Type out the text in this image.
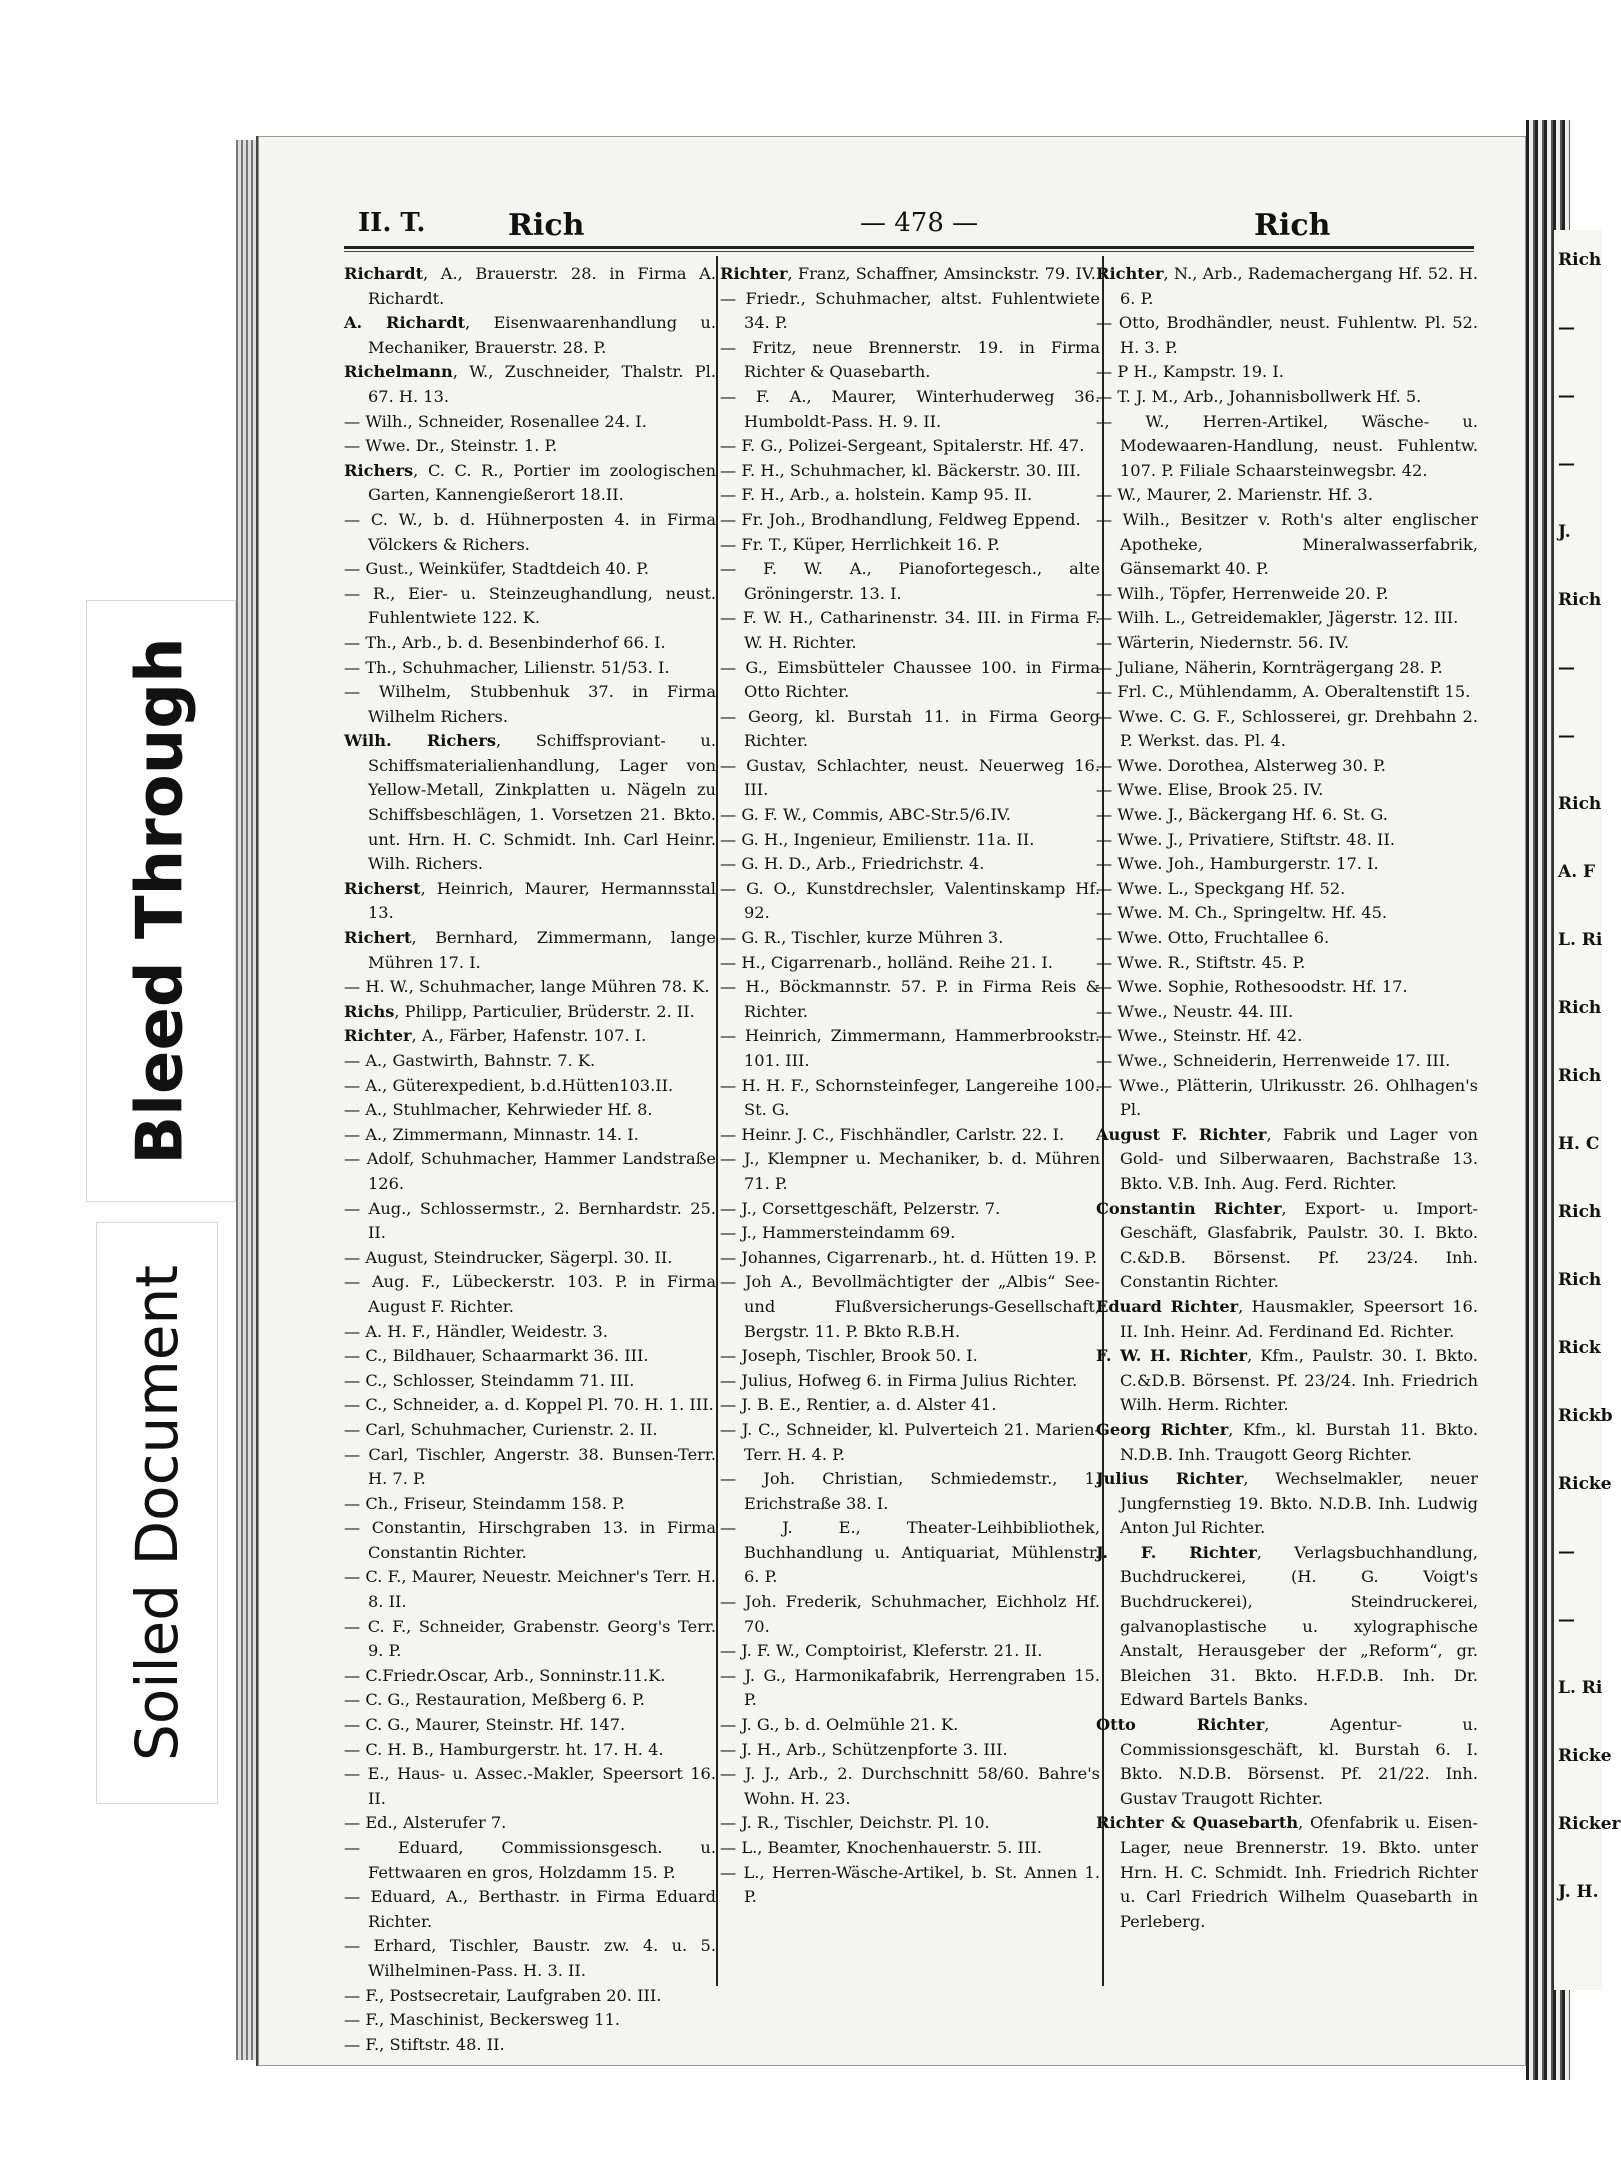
Rich
—
—
—
J.
Rich
—
—
Rich
A. F
L. Ri
Rich
Rich
H. C
Rich
Rich
Rick
Rickb
Ricke
—
—
L. Ri
Ricke
Ricker
J. H.
Bleed Through
Soiled Document
II. T.	Rich	— 478 —	Rich

Richardt, A., Brauerstr. 28. in Firma A. Richardt.

A. Richardt, Eisenwaarenhandlung u. Mechaniker, Brauerstr. 28. P.

Richelmann, W., Zuschneider, Thalstr. Pl. 67. H. 13.

— Wilh., Schneider, Rosenallee 24. I.

— Wwe. Dr., Steinstr. 1. P.

Richers, C. C. R., Portier im zoologischen Garten, Kannengießerort 18.II.

— C. W., b. d. Hühnerposten 4. in Firma Völckers & Richers.

— Gust., Weinküfer, Stadtdeich 40. P.

— R., Eier- u. Steinzeughandlung, neust. Fuhlentwiete 122. K.

— Th., Arb., b. d. Besenbinderhof 66. I.

— Th., Schuhmacher, Lilienstr. 51/53. I.

— Wilhelm, Stubbenhuk 37. in Firma Wilhelm Richers.

Wilh. Richers, Schiffsproviant- u. Schiffsmaterialienhandlung, Lager von Yellow-Metall, Zinkplatten u. Nägeln zu Schiffsbeschlägen, 1. Vorsetzen 21. Bkto. unt. Hrn. H. C. Schmidt. Inh. Carl Heinr. Wilh. Richers.

Richerst, Heinrich, Maurer, Hermannsstal 13.

Richert, Bernhard, Zimmermann, lange Mühren 17. I.

— H. W., Schuhmacher, lange Mühren 78. K.

Richs, Philipp, Particulier, Brüderstr. 2. II.

Richter, A., Färber, Hafenstr. 107. I.

— A., Gastwirth, Bahnstr. 7. K.

— A., Güterexpedient, b.d.Hütten103.II.

— A., Stuhlmacher, Kehrwieder Hf. 8.

— A., Zimmermann, Minnastr. 14. I.

— Adolf, Schuhmacher, Hammer Landstraße 126.

— Aug., Schlossermstr., 2. Bernhardstr. 25. II.

— August, Steindrucker, Sägerpl. 30. II.

— Aug. F., Lübeckerstr. 103. P. in Firma August F. Richter.

— A. H. F., Händler, Weidestr. 3.

— C., Bildhauer, Schaarmarkt 36. III.

— C., Schlosser, Steindamm 71. III.

— C., Schneider, a. d. Koppel Pl. 70. H. 1. III.

— Carl, Schuhmacher, Curienstr. 2. II.

— Carl, Tischler, Angerstr. 38. Bunsen-Terr. H. 7. P.

— Ch., Friseur, Steindamm 158. P.

— Constantin, Hirschgraben 13. in Firma Constantin Richter.

— C. F., Maurer, Neuestr. Meichner's Terr. H. 8. II.

— C. F., Schneider, Grabenstr. Georg's Terr. 9. P.

— C.Friedr.Oscar, Arb., Sonninstr.11.K.

— C. G., Restauration, Meßberg 6. P.

— C. G., Maurer, Steinstr. Hf. 147.

— C. H. B., Hamburgerstr. ht. 17. H. 4.

— E., Haus- u. Assec.-Makler, Speersort 16. II.

— Ed., Alsterufer 7.

— Eduard, Commissionsgesch. u. Fettwaaren en gros, Holzdamm 15. P.

— Eduard, A., Berthastr. in Firma Eduard Richter.

— Erhard, Tischler, Baustr. zw. 4. u. 5. Wilhelminen-Pass. H. 3. II.

— F., Postsecretair, Laufgraben 20. III.

— F., Maschinist, Beckersweg 11.

— F., Stiftstr. 48. II.

Richter, Franz, Schaffner, Amsinckstr. 79. IV.

— Friedr., Schuhmacher, altst. Fuhlentwiete 34. P.

— Fritz, neue Brennerstr. 19. in Firma Richter & Quasebarth.

— F. A., Maurer, Winterhuderweg 36. Humboldt-Pass. H. 9. II.

— F. G., Polizei-Sergeant, Spitalerstr. Hf. 47.

— F. H., Schuhmacher, kl. Bäckerstr. 30. III.

— F. H., Arb., a. holstein. Kamp 95. II.

— Fr. Joh., Brodhandlung, Feldweg Eppend.

— Fr. T., Küper, Herrlichkeit 16. P.

— F. W. A., Pianofortegesch., alte Gröningerstr. 13. I.

— F. W. H., Catharinenstr. 34. III. in Firma F. W. H. Richter.

— G., Eimsbütteler Chaussee 100. in Firma Otto Richter.

— Georg, kl. Burstah 11. in Firma Georg Richter.

— Gustav, Schlachter, neust. Neuerweg 16. III.

— G. F. W., Commis, ABC-Str.5/6.IV.

— G. H., Ingenieur, Emilienstr. 11a. II.

— G. H. D., Arb., Friedrichstr. 4.

— G. O., Kunstdrechsler, Valentinskamp Hf. 92.

— G. R., Tischler, kurze Mühren 3.

— H., Cigarrenarb., holländ. Reihe 21. I.

— H., Böckmannstr. 57. P. in Firma Reis & Richter.

— Heinrich, Zimmermann, Hammerbrookstr. 101. III.

— H. H. F., Schornsteinfeger, Langereihe 100. St. G.

— Heinr. J. C., Fischhändler, Carlstr. 22. I.

— J., Klempner u. Mechaniker, b. d. Mühren 71. P.

— J., Corsettgeschäft, Pelzerstr. 7.

— J., Hammersteindamm 69.

— Johannes, Cigarrenarb., ht. d. Hütten 19. P.

— Joh A., Bevollmächtigter der „Albis“ See- und Flußversicherungs-Gesellschaft, Bergstr. 11. P. Bkto R.B.H.

— Joseph, Tischler, Brook 50. I.

— Julius, Hofweg 6. in Firma Julius Richter.

— J. B. E., Rentier, a. d. Alster 41.

— J. C., Schneider, kl. Pulverteich 21. Marien-Terr. H. 4. P.

— Joh. Christian, Schmiedemstr., 1. Erichstraße 38. I.

— J. E., Theater-Leihbibliothek, Buchhandlung u. Antiquariat, Mühlenstr. 6. P.

— Joh. Frederik, Schuhmacher, Eichholz Hf. 70.

— J. F. W., Comptoirist, Kleferstr. 21. II.

— J. G., Harmonikafabrik, Herrengraben 15. P.

— J. G., b. d. Oelmühle 21. K.

— J. H., Arb., Schützenpforte 3. III.

— J. J., Arb., 2. Durchschnitt 58/60. Bahre's Wohn. H. 23.

— J. R., Tischler, Deichstr. Pl. 10.

— L., Beamter, Knochenhauerstr. 5. III.

— L., Herren-Wäsche-Artikel, b. St. Annen 1. P.

Richter, N., Arb., Rademachergang Hf. 52. H. 6. P.

— Otto, Brodhändler, neust. Fuhlentw. Pl. 52. H. 3. P.

— P H., Kampstr. 19. I.

— T. J. M., Arb., Johannisbollwerk Hf. 5.

— W., Herren-Artikel, Wäsche- u. Modewaaren-Handlung, neust. Fuhlentw. 107. P. Filiale Schaarsteinwegsbr. 42.

— W., Maurer, 2. Marienstr. Hf. 3.

— Wilh., Besitzer v. Roth's alter englischer Apotheke, Mineralwasserfabrik, Gänsemarkt 40. P.

— Wilh., Töpfer, Herrenweide 20. P.

— Wilh. L., Getreidemakler, Jägerstr. 12. III.

— Wärterin, Niedernstr. 56. IV.

— Juliane, Näherin, Kornträgergang 28. P.

— Frl. C., Mühlendamm, A. Oberaltenstift 15.

— Wwe. C. G. F., Schlosserei, gr. Drehbahn 2. P. Werkst. das. Pl. 4.

— Wwe. Dorothea, Alsterweg 30. P.

— Wwe. Elise, Brook 25. IV.

— Wwe. J., Bäckergang Hf. 6. St. G.

— Wwe. J., Privatiere, Stiftstr. 48. II.

— Wwe. Joh., Hamburgerstr. 17. I.

— Wwe. L., Speckgang Hf. 52.

— Wwe. M. Ch., Springeltw. Hf. 45.

— Wwe. Otto, Fruchtallee 6.

— Wwe. R., Stiftstr. 45. P.

— Wwe. Sophie, Rothesoodstr. Hf. 17.

— Wwe., Neustr. 44. III.

— Wwe., Steinstr. Hf. 42.

— Wwe., Schneiderin, Herrenweide 17. III.

— Wwe., Plätterin, Ulrikusstr. 26. Ohlhagen's Pl.

August F. Richter, Fabrik und Lager von Gold- und Silberwaaren, Bachstraße 13. Bkto. V.B. Inh. Aug. Ferd. Richter.

Constantin Richter, Export- u. Import-Geschäft, Glasfabrik, Paulstr. 30. I. Bkto. C.&D.B. Börsenst. Pf. 23/24. Inh. Constantin Richter.

Eduard Richter, Hausmakler, Speersort 16. II. Inh. Heinr. Ad. Ferdinand Ed. Richter.

F. W. H. Richter, Kfm., Paulstr. 30. I. Bkto. C.&D.B. Börsenst. Pf. 23/24. Inh. Friedrich Wilh. Herm. Richter.

Georg Richter, Kfm., kl. Burstah 11. Bkto. N.D.B. Inh. Traugott Georg Richter.

Julius Richter, Wechselmakler, neuer Jungfernstieg 19. Bkto. N.D.B. Inh. Ludwig Anton Jul Richter.

J. F. Richter, Verlagsbuchhandlung, Buchdruckerei, (H. G. Voigt's Buchdruckerei), Steindruckerei, galvanoplastische u. xylographische Anstalt, Herausgeber der „Reform“, gr. Bleichen 31. Bkto. H.F.D.B. Inh. Dr. Edward Bartels Banks.

Otto Richter, Agentur- u. Commissionsgeschäft, kl. Burstah 6. I. Bkto. N.D.B. Börsenst. Pf. 21/22. Inh. Gustav Traugott Richter.

Richter & Quasebarth, Ofenfabrik u. Eisen-Lager, neue Brennerstr. 19. Bkto. unter Hrn. H. C. Schmidt. Inh. Friedrich Richter u. Carl Friedrich Wilhelm Quasebarth in Perleberg.
